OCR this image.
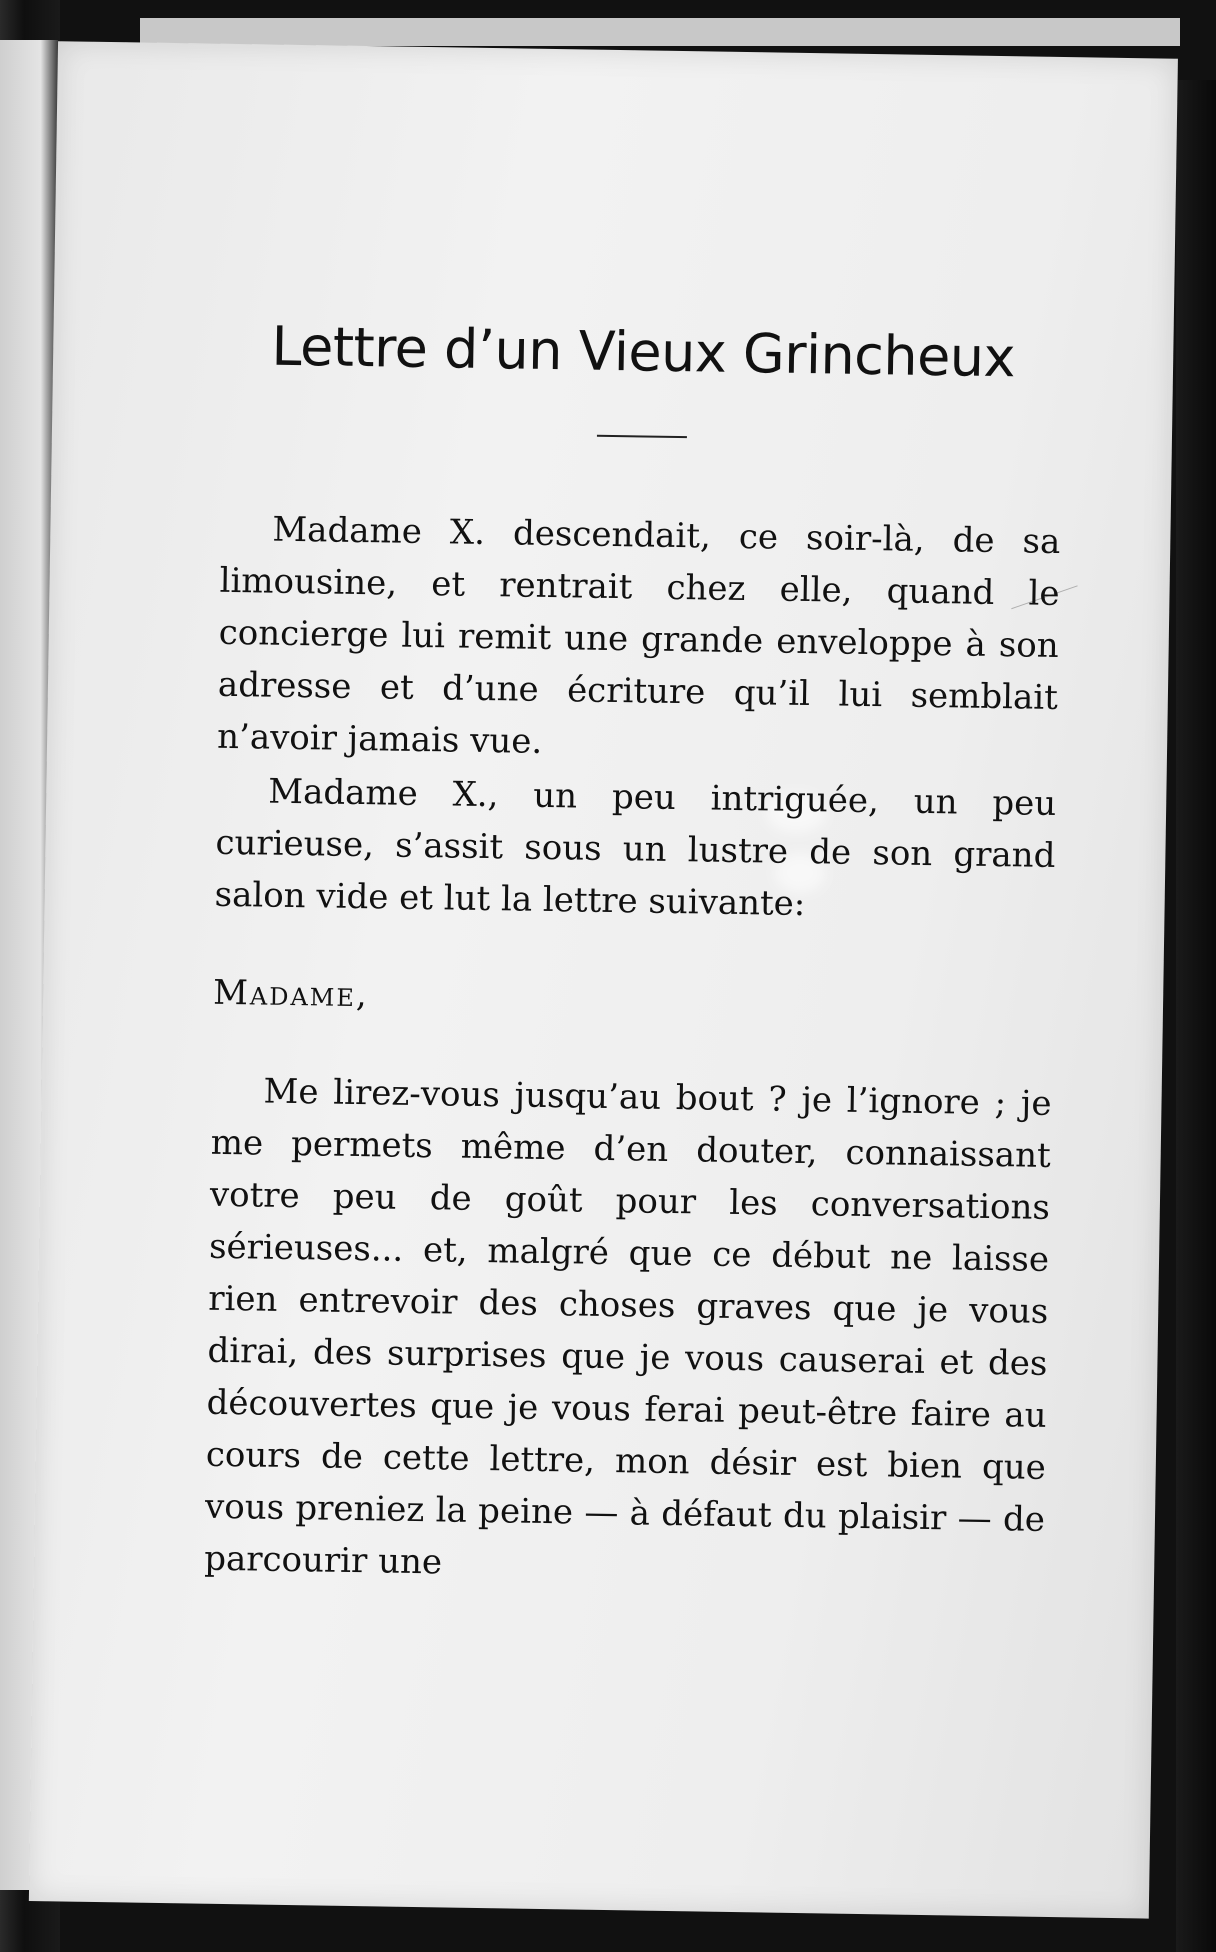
Lettre d’un Vieux Grincheux

Madame X. descendait, ce soir-là, de sa limousine, et rentrait chez elle, quand le concierge lui remit une grande enveloppe à son adresse et d’une écriture qu’il lui semblait n’avoir jamais vue.

Madame X., un peu intriguée, un peu curieuse, s’assit sous un lustre de son grand salon vide et lut la lettre suivante:

Madame,

Me lirez-vous jusqu’au bout ? je l’ignore ; je me permets même d’en douter, connaissant votre peu de goût pour les conversations sérieuses... et, malgré que ce début ne laisse rien entrevoir des choses graves que je vous dirai, des surprises que je vous causerai et des découvertes que je vous ferai peut-être faire au cours de cette lettre, mon désir est bien que vous preniez la peine — à défaut du plaisir — de parcourir une
